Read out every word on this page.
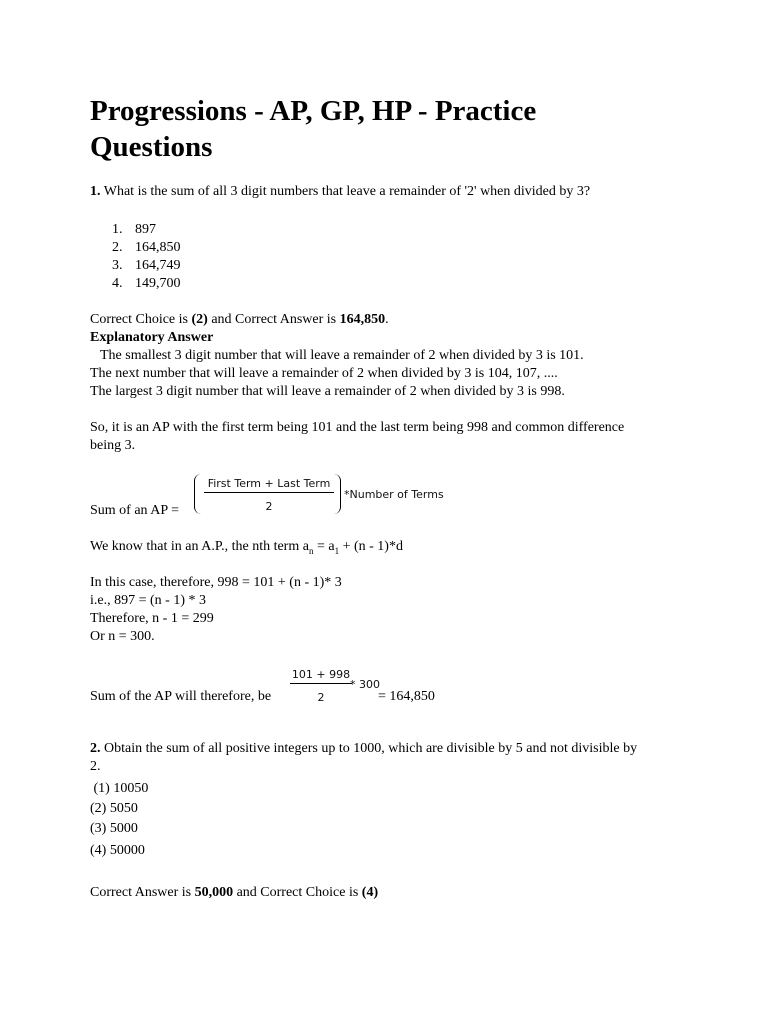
Progressions - AP, GP, HP - Practice Questions
1. What is the sum of all 3 digit numbers that leave a remainder of '2' when divided by 3?
1. 897
2. 164,850
3. 164,749
4. 149,700
Correct Choice is (2) and Correct Answer is 164,850.
Explanatory Answer
The smallest 3 digit number that will leave a remainder of 2 when divided by 3 is 101.
The next number that will leave a remainder of 2 when divided by 3 is 104, 107, ....
The largest 3 digit number that will leave a remainder of 2 when divided by 3 is 998.
So, it is an AP with the first term being 101 and the last term being 998 and common difference
being 3.
Sum of an AP =
First Term + Last Term
2
*Number of Terms
We know that in an A.P., the nth term $a_n = a_1 + (n - 1)*d$
In this case, therefore, 998 = 101 + (n - 1)* 3
i.e., 897 = (n - 1) * 3
Therefore, n - 1 = 299
Or n = 300.
Sum of the AP will therefore, be
101 + 998
2
* 300
= 164,850
2. Obtain the sum of all positive integers up to 1000, which are divisible by 5 and not divisible by
2.
(1) 10050
(2) 5050
(3) 5000
(4) 50000
Correct Answer is 50,000 and Correct Choice is (4)
